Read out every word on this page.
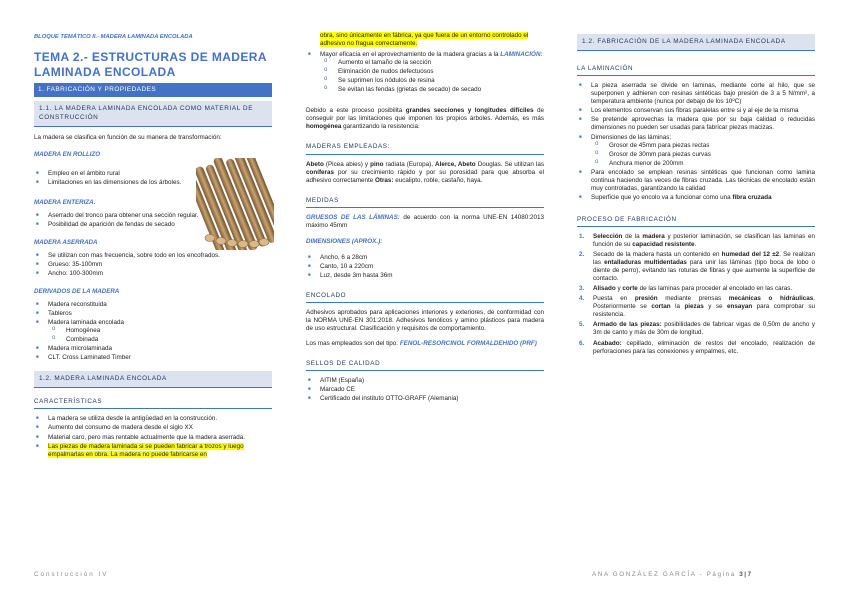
BLOQUE TEMÁTICO II.- MADERA LAMINADA ENCOLADA
TEMA 2.- ESTRUCTURAS DE MADERA LAMINADA ENCOLADA
1. FABRICACIÓN Y PROPIEDADES
1.1. LA MADERA LAMINADA ENCOLADA COMO MATERIAL DE CONSTRUCCIÓN
La madera se clasifica en función de su manera de transformación:
MADERA EN ROLLIZO
■ Empleo en el ámbito rural
■ Limitaciones en las dimensiones de los árboles.
MADERA ENTERIZA.
■ Aserrado del tronco para obtener una sección regular.
■ Posibilidad de aparición de fendas de secado
MADERA ASERRADA
■ Se utilizan con mas frecuencia, sobre todo en los encofrados.
■ Grueso: 35-100mm
■ Ancho: 100-300mm
DERIVADOS DE LA MADERA
■ Madera reconstituida
■ Tableros
■ Madera laminada encolada
o Homogénea
o Combinada
■ Madera microlaminada
■ CLT. Cross Laminated Timber
1.2. MADERA LAMINADA ENCOLADA
CARACTERÍSTICAS
■ La madera se utiliza desde la antigüedad en la construcción.
■ Aumento del consumo de madera desde el siglo XX
■ Material caro, pero mas rentable actualmente que la madera aserrada.
■ Las piezas de madera laminada si se pueden fabricar a trozos y luego empalmarlas en obra. La madera no puede fabricarse en
obra, sino únicamente en fábrica, ya que fuera de un entorno controlado el adhesivo no fragua correctamente.
■ Mayor eficacia en el aprovechamiento de la madera gracias a la LAMINACIÓN:
o Aumento el tamaño de la sección
o Eliminación de nudos defectuosos
o Se suprimen los nódulos de resina
o Se evitan las fendas (grietas de secado) de secado
Debido a este proceso posibilita grandes secciones y longitudes difíciles de conseguir por las limitaciones que imponen los propios árboles. Además, es más homogénea garantizando la resistencia.
MADERAS EMPLEADAS:
Abeto (Picea abies) y pino radiata (Europa), Alerce, Abeto Douglas. Se utilizan las coníferas por su crecimiento rápido y por su porosidad para que absorba el adhesivo correctamente Otras: eucalipto, roble, castaño, haya.
MEDIDAS
GRUESOS DE LAS LÁMINAS: de acuerdo con la norma UNE-EN 14080:2013 máximo 45mm
DIMENSIONES (APROX.):
■ Ancho, 6 a 28cm
■ Canto, 10 a 220cm
■ Luz, desde 3m hasta 36m
ENCOLADO
Adhesivos aprobados para aplicaciones interiores y exteriores, de conformidad con la NORMA UNE-EN 301:2018. Adhesivos fenólicos y amino plásticos para madera de uso estructural. Clasificación y requisitos de comportamiento.
Los mas empleados son del tipo: FENOL-RESORCINOL FORMALDEHIDO (PRF)
SELLOS DE CALIDAD
■ AITIM (España)
■ Marcado CE
■ Certificado del instituto OTTO-GRAFF (Alemania)
1.2. FABRICACIÓN DE LA MADERA LAMINADA ENCOLADA
LA LAMINACIÓN
■ La pieza aserrada se divide en laminas, mediante corte al hilo, que se superponen y adhieren con resinas sintéticas bajo presión de 3 a 5 N/mm², a temperatura ambiente (nunca por debajo de los 10ºC)
■ Los elementos conservan sus fibras paralelas entre si y al eje de la misma
■ Se pretende aprovechas la madera que por su baja calidad o reducidas dimensiones no pueden ser usadas para fabricar piezas macizas.
■ Dimensiones de las láminas:
o Grosor de 45mm para piezas rectas
o Grosor de 30mm para piezas curvas
o Anchura menor de 200mm
■ Para encolado se emplean resinas sintéticas que funcionan como lamina continua haciendo las veces de fibras cruzada. Las técnicas de encolado están muy controladas, garantizando la calidad
■ Superficie que yo encolo va a funcionar como una fibra cruzada
PROCESO DE FABRICACIÓN
1. Selección de la madera y posterior laminación, se clasifican las laminas en función de su capacidad resistente.
2. Secado de la madera hasta un contenido en humedad del 12 ±2. Se realizan las entalladuras multidentadas para unir las láminas (tipo boca de lobo o diente de perro), evitando las roturas de fibras y que aumente la superficie de contacto.
3. Alisado y corte de las laminas para proceder al encolado en las caras.
4. Puesta en presión mediante prensas mecánicas o hidráulicas. Posteriormente se cortan la piezas y se ensayan para comprobar su resistencia.
5. Armado de las piezas: posibilidades de fabricar vigas de 0,50m de ancho y 3m de canto y más de 30m de longitud.
6. Acabado: cepillado, eliminación de restos del encolado, realización de perforaciones para las conexiones y empalmes, etc.
Construcción IV	ANA GONZÁLEZ GARCÍA - Página 3|7
